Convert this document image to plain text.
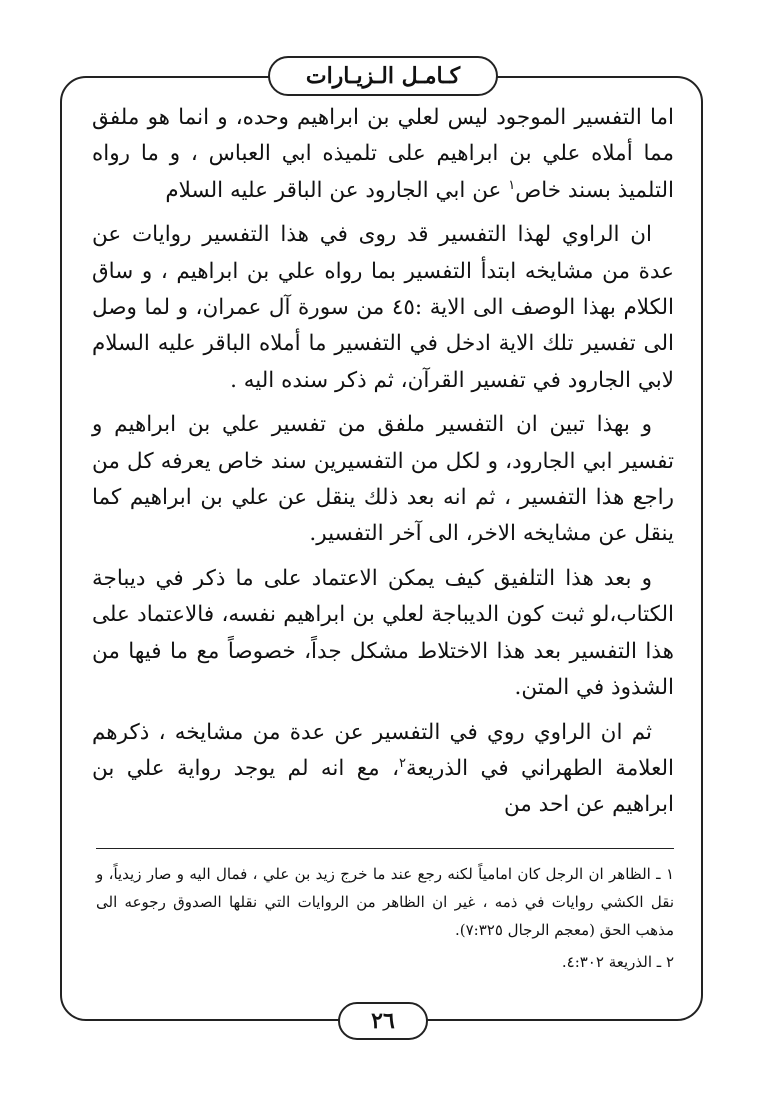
كـامـل الـزيـارات

اما التفسير الموجود ليس لعلي بن ابراهيم وحده، و انما هو ملفق مما أملاه علي بن ابراهيم على تلميذه ابي العباس ، و ما رواه التلميذ بسند خاص$^١$ عن ابي الجارود عن الباقر عليه السلام

ان الراوي لهذا التفسير قد روى في هذا التفسير روايات عن عدة من مشايخه ابتدأ التفسير بما رواه علي بن ابراهيم ، و ساق الكلام بهذا الوصف الى الاية :٤٥ من سورة آل عمران، و لما وصل الى تفسير تلك الاية ادخل في التفسير ما أملاه الباقر عليه السلام لابي الجارود في تفسير القرآن، ثم ذكر سنده اليه .

و بهذا تبين ان التفسير ملفق من تفسير علي بن ابراهيم و تفسير ابي الجارود، و لكل من التفسيرين سند خاص يعرفه كل من راجع هذا التفسير ، ثم انه بعد ذلك ينقل عن علي بن ابراهيم كما ينقل عن مشايخه الاخر، الى آخر التفسير.

و بعد هذا التلفيق كيف يمكن الاعتماد على ما ذكر في ديباجة الكتاب،لو ثبت كون الديباجة لعلي بن ابراهيم نفسه، فالاعتماد على هذا التفسير بعد هذا الاختلاط مشكل جداً، خصوصاً مع ما فيها من الشذوذ في المتن.

ثم ان الراوي روي في التفسير عن عدة من مشايخه ، ذكرهم العلامة الطهراني في الذريعة$^٢$، مع انه لم يوجد رواية علي بن ابراهيم عن احد من

١ ـ الظاهر ان الرجل كان امامياً لكنه رجع عند ما خرج زيد بن علي ، فمال اليه و صار زيدياً، و نقل الكشي روايات في ذمه ، غير ان الظاهر من الروايات التي نقلها الصدوق رجوعه الى مذهب الحق (معجم الرجال ٧:٣٢٥).

٢ ـ الذريعة ٤:٣٠٢.

٢٦
